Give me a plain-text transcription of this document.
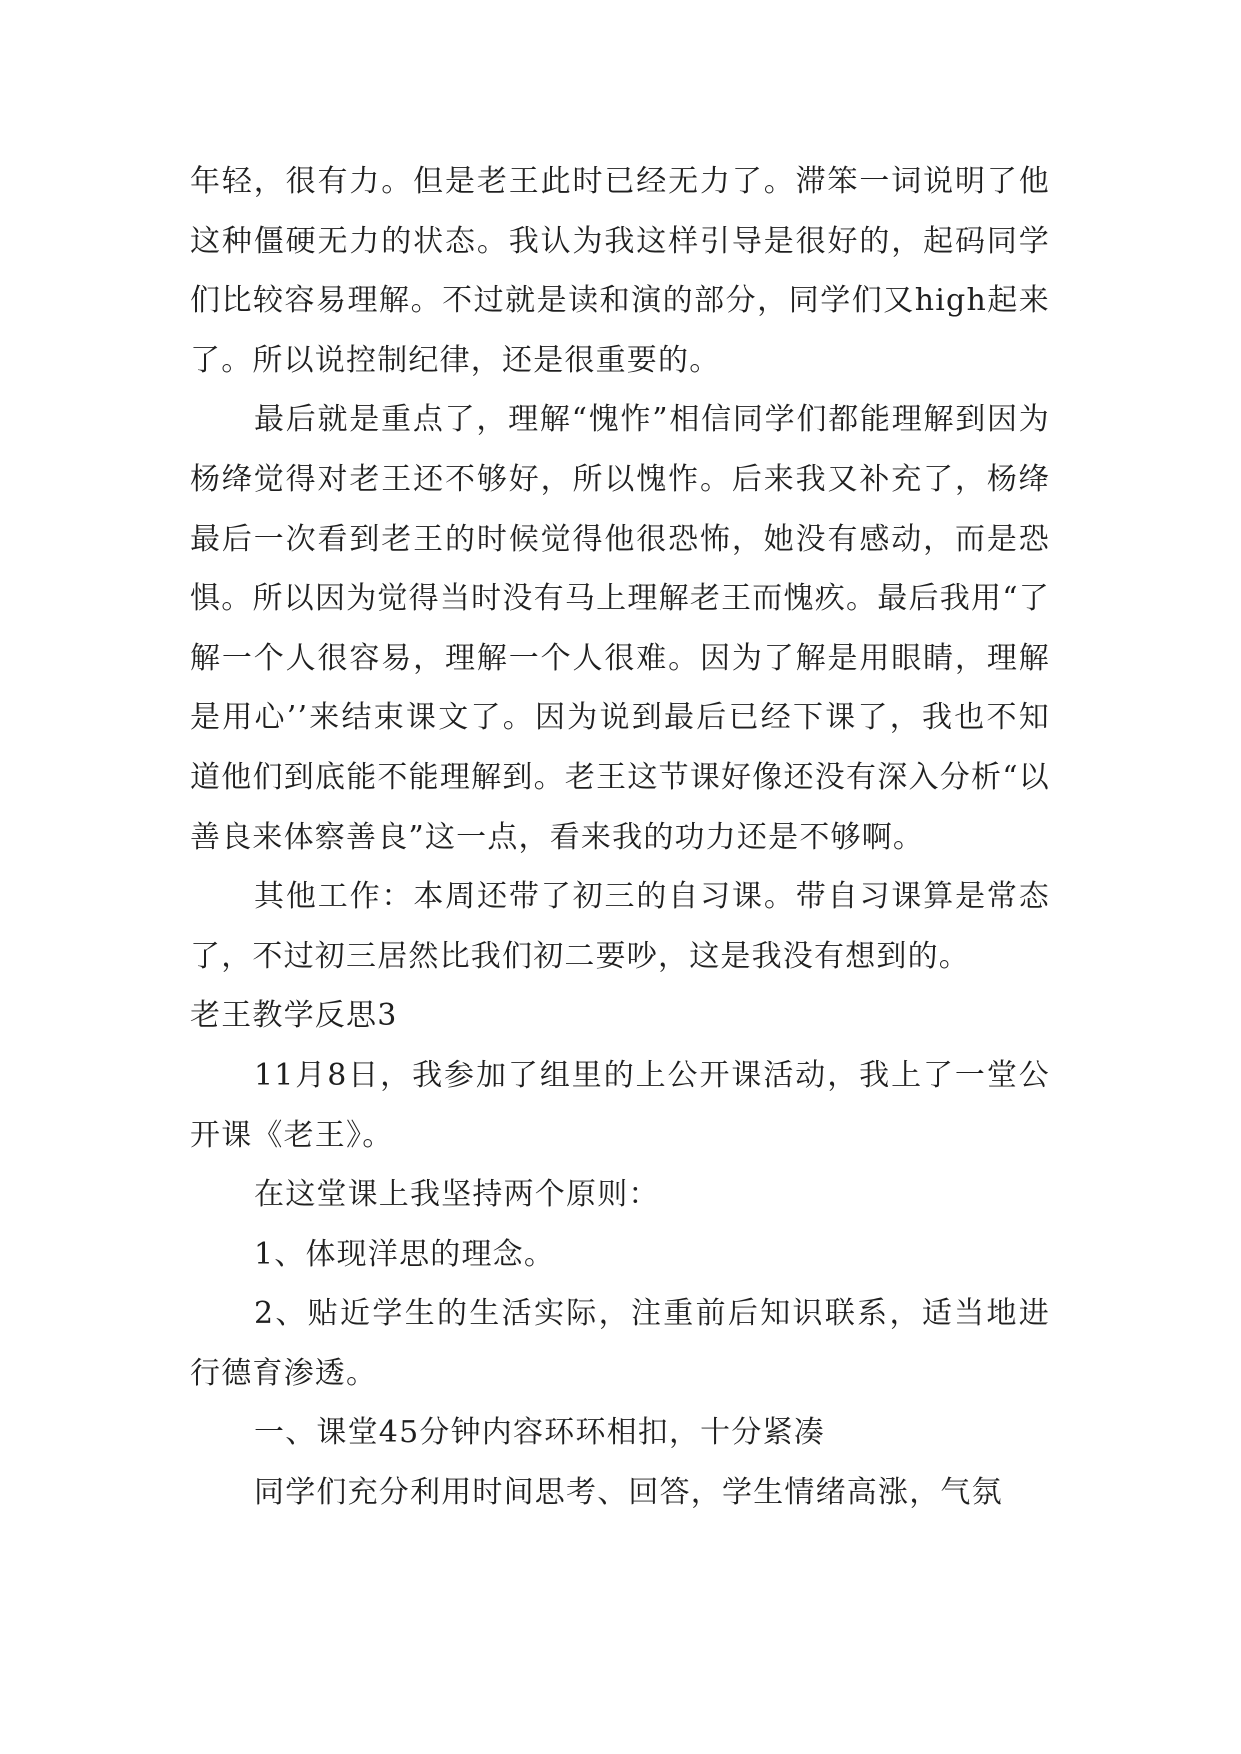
年轻，很有力。但是老王此时已经无力了。滞笨一词说明了他这种僵硬无力的状态。我认为我这样引导是很好的，起码同学们比较容易理解。不过就是读和演的部分，同学们又high起来了。所以说控制纪律，还是很重要的。

最后就是重点了，理解“愧怍”相信同学们都能理解到因为杨绛觉得对老王还不够好，所以愧怍。后来我又补充了，杨绛最后一次看到老王的时候觉得他很恐怖，她没有感动，而是恐惧。所以因为觉得当时没有马上理解老王而愧疚。最后我用“了解一个人很容易，理解一个人很难。因为了解是用眼睛，理解是用心’’来结束课文了。因为说到最后已经下课了，我也不知道他们到底能不能理解到。老王这节课好像还没有深入分析“以善良来体察善良”这一点，看来我的功力还是不够啊。

其他工作：本周还带了初三的自习课。带自习课算是常态了，不过初三居然比我们初二要吵，这是我没有想到的。

老王教学反思3

11月8日，我参加了组里的上公开课活动，我上了一堂公开课《老王》。

在这堂课上我坚持两个原则：

1、体现洋思的理念。

2、贴近学生的生活实际，注重前后知识联系，适当地进行德育渗透。

一、课堂45分钟内容环环相扣，十分紧凑

同学们充分利用时间思考、回答，学生情绪高涨，气氛
